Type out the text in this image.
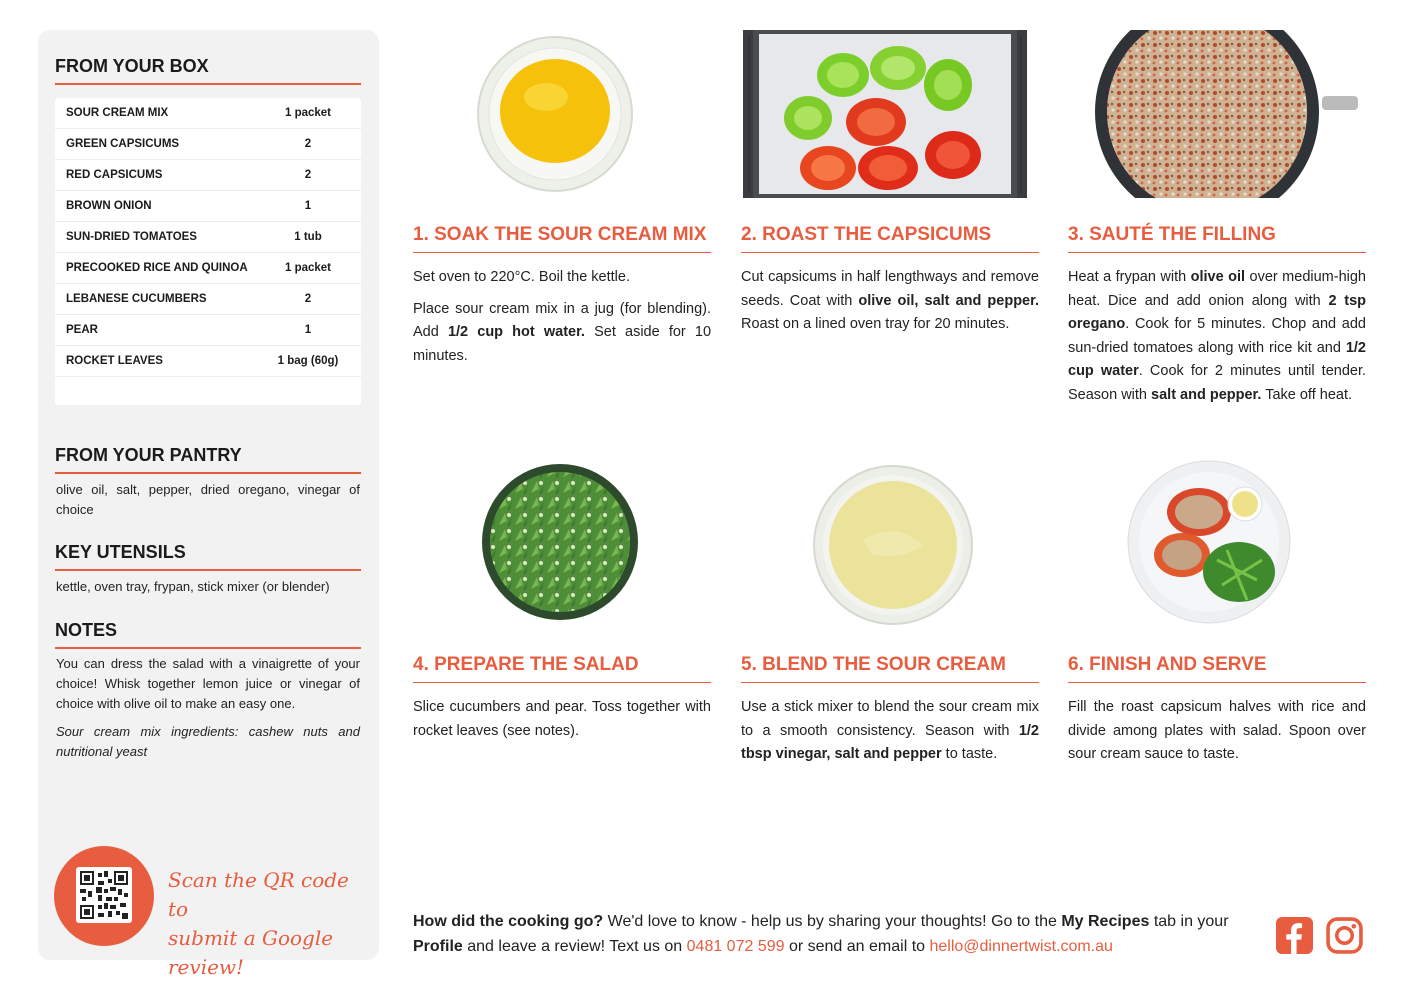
FROM YOUR BOX
SOUR CREAM MIX	1 packet
GREEN CAPSICUMS	2
RED CAPSICUMS	2
BROWN ONION	1
SUN-DRIED TOMATOES	1 tub
PRECOOKED RICE AND QUINOA	1 packet
LEBANESE CUCUMBERS	2
PEAR	1
ROCKET LEAVES	1 bag (60g)
FROM YOUR PANTRY
olive oil, salt, pepper, dried oregano, vinegar of choice
KEY UTENSILS
kettle, oven tray, frypan, stick mixer (or blender)
NOTES
You can dress the salad with a vinaigrette of your choice! Whisk together lemon juice or vinegar of choice with olive oil to make an easy one.
Sour cream mix ingredients: cashew nuts and nutritional yeast
Scan the QR code to
submit a Google review!
1. SOAK THE SOUR CREAM MIX

Set oven to 220°C. Boil the kettle.

Place sour cream mix in a jug (for blending). Add 1/2 cup hot water. Set aside for 10 minutes.

2. ROAST THE CAPSICUMS

Cut capsicums in half lengthways and remove seeds. Coat with olive oil, salt and pepper. Roast on a lined oven tray for 20 minutes.

3. SAUTÉ THE FILLING

Heat a frypan with olive oil over medium-high heat. Dice and add onion along with 2 tsp oregano. Cook for 5 minutes. Chop and add sun-dried tomatoes along with rice kit and 1/2 cup water. Cook for 2 minutes until tender. Season with salt and pepper. Take off heat.

4. PREPARE THE SALAD

Slice cucumbers and pear. Toss together with rocket leaves (see notes).

5. BLEND THE SOUR CREAM

Use a stick mixer to blend the sour cream mix to a smooth consistency. Season with 1/2 tbsp vinegar, salt and pepper to taste.

6. FINISH AND SERVE

Fill the roast capsicum halves with rice and divide among plates with salad. Spoon over sour cream sauce to taste.

How did the cooking go? We'd love to know - help us by sharing your thoughts! Go to the My Recipes tab in your Profile and leave a review! Text us on 0481 072 599 or send an email to hello@dinnertwist.com.au
